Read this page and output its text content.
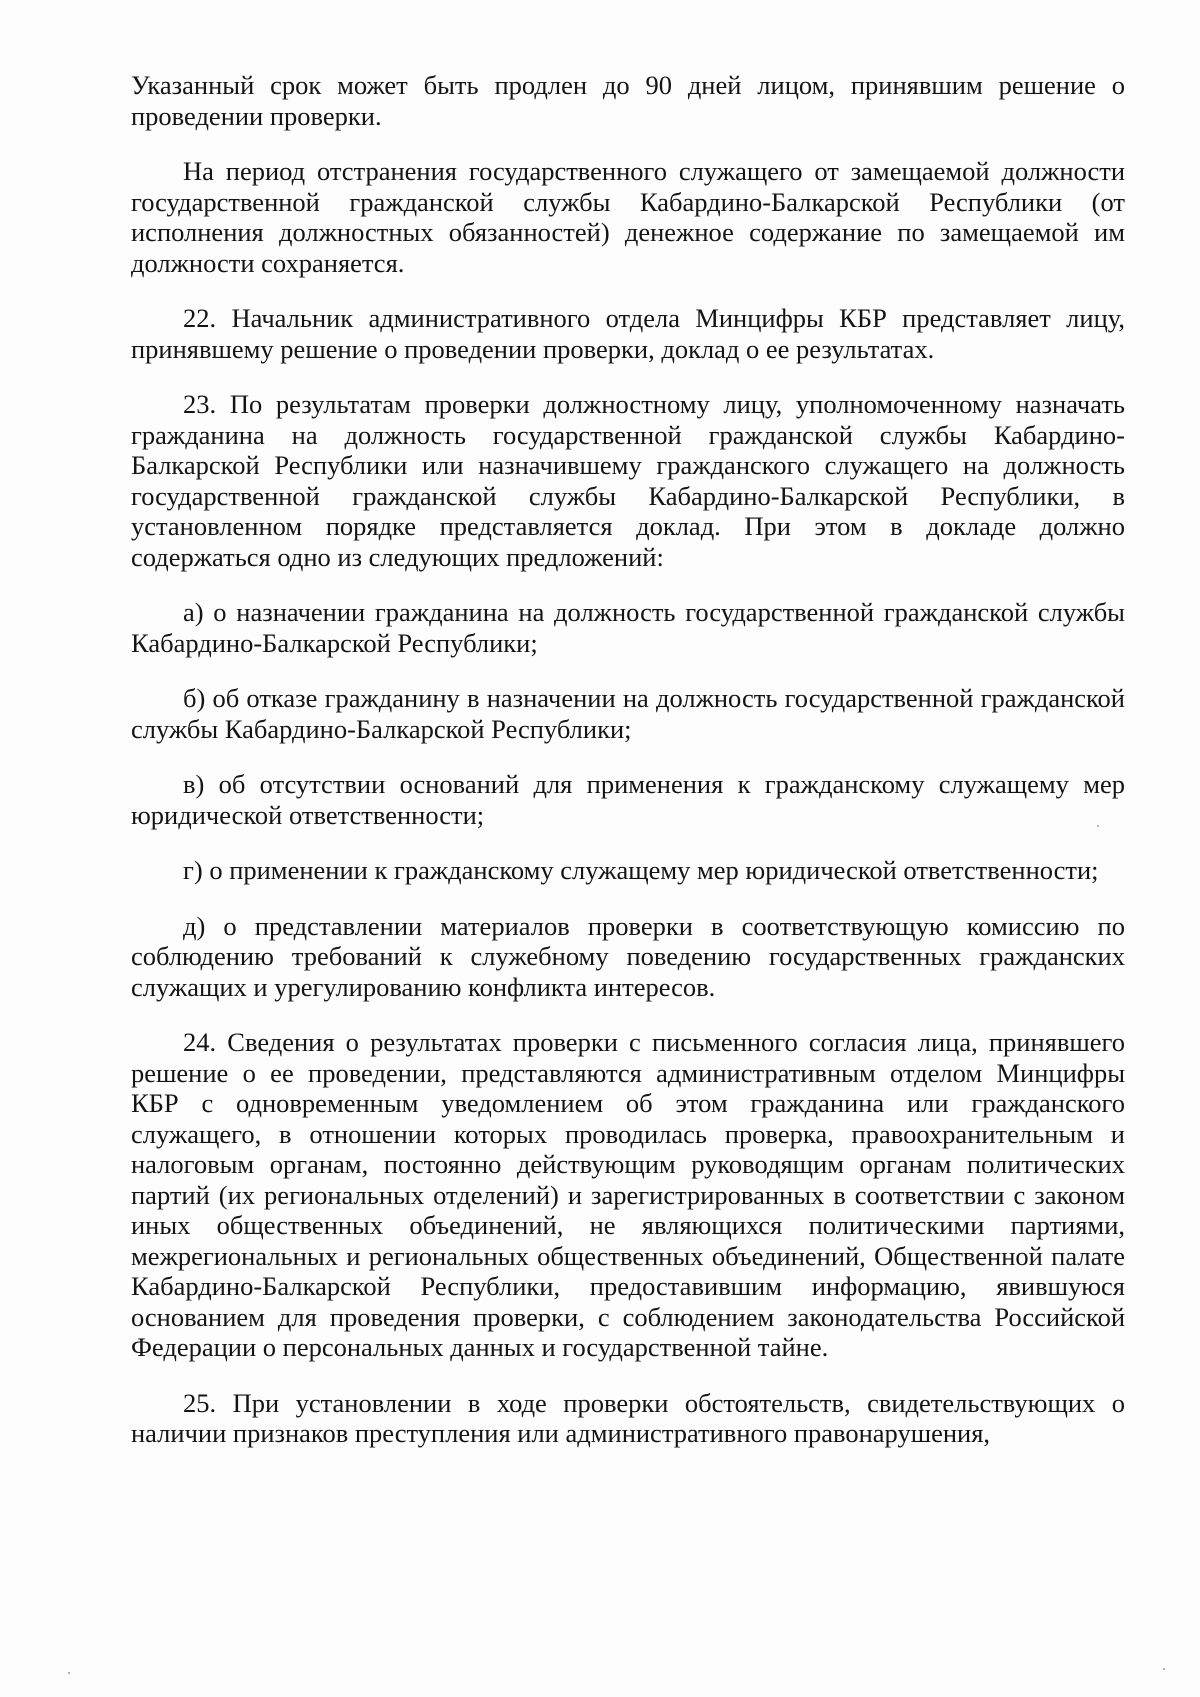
Указанный срок может быть продлен до 90 дней лицом, принявшим решение о проведении проверки.

На период отстранения государственного служащего от замещаемой должности государственной гражданской службы Кабардино-Балкарской Республики (от исполнения должностных обязанностей) денежное содержание по замещаемой им должности сохраняется.

22. Начальник административного отдела Минцифры КБР представляет лицу, принявшему решение о проведении проверки, доклад о ее результатах.

23. По результатам проверки должностному лицу, уполномоченному назначать гражданина на должность государственной гражданской службы Кабардино-Балкарской Республики или назначившему гражданского служащего на должность государственной гражданской службы Кабардино-Балкарской Республики, в установленном порядке представляется доклад. При этом в докладе должно содержаться одно из следующих предложений:

а) о назначении гражданина на должность государственной гражданской службы Кабардино-Балкарской Республики;

б) об отказе гражданину в назначении на должность государственной гражданской службы Кабардино-Балкарской Республики;

в) об отсутствии оснований для применения к гражданскому служащему мер юридической ответственности;

г) о применении к гражданскому служащему мер юридической ответственности;

д) о представлении материалов проверки в соответствующую комиссию по соблюдению требований к служебному поведению государственных гражданских служащих и урегулированию конфликта интересов.

24. Сведения о результатах проверки с письменного согласия лица, принявшего решение о ее проведении, представляются административным отделом Минцифры КБР с одновременным уведомлением об этом гражданина или гражданского служащего, в отношении которых проводилась проверка, правоохранительным и налоговым органам, постоянно действующим руководящим органам политических партий (их региональных отделений) и зарегистрированных в соответствии с законом иных общественных объединений, не являющихся политическими партиями, межрегиональных и региональных общественных объединений, Общественной палате Кабардино-Балкарской Республики, предоставившим информацию, явившуюся основанием для проведения проверки, с соблюдением законодательства Российской Федерации о персональных данных и государственной тайне.

25. При установлении в ходе проверки обстоятельств, свидетельствующих о наличии признаков преступления или административного правонарушения,
